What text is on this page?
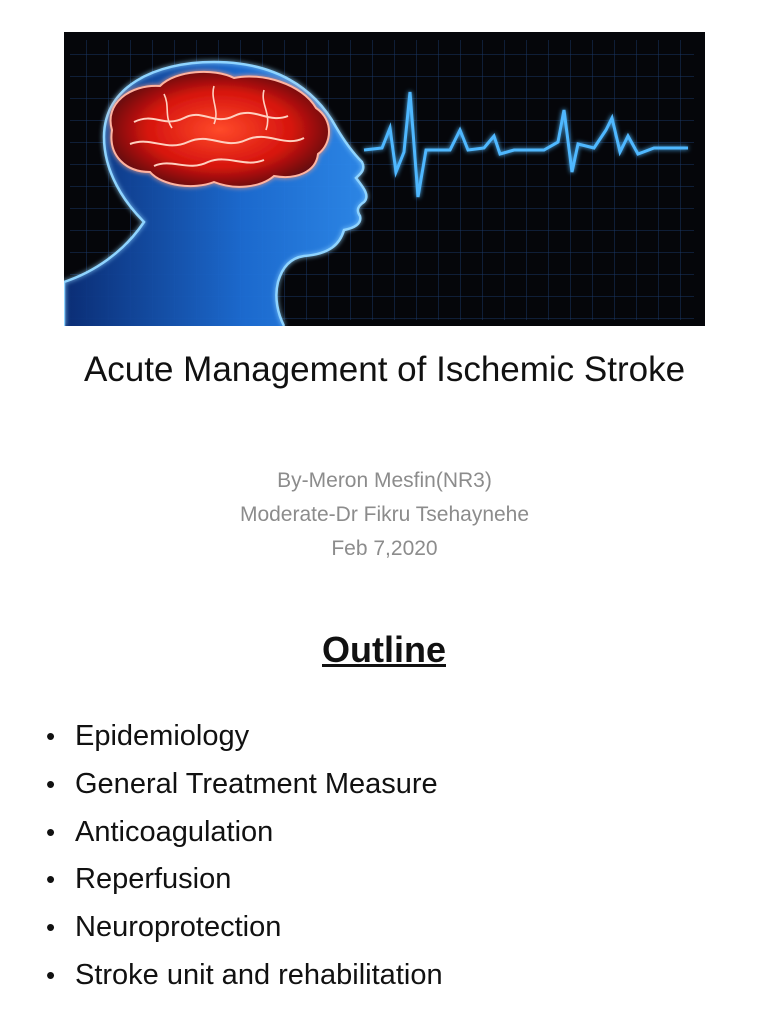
Acute Management of Ischemic Stroke
By-Meron Mesfin(NR3)
Moderate-Dr Fikru Tsehaynehe
Feb 7,2020
Outline
• Epidemiology
• General Treatment Measure
• Anticoagulation
• Reperfusion
• Neuroprotection
• Stroke unit and rehabilitation
